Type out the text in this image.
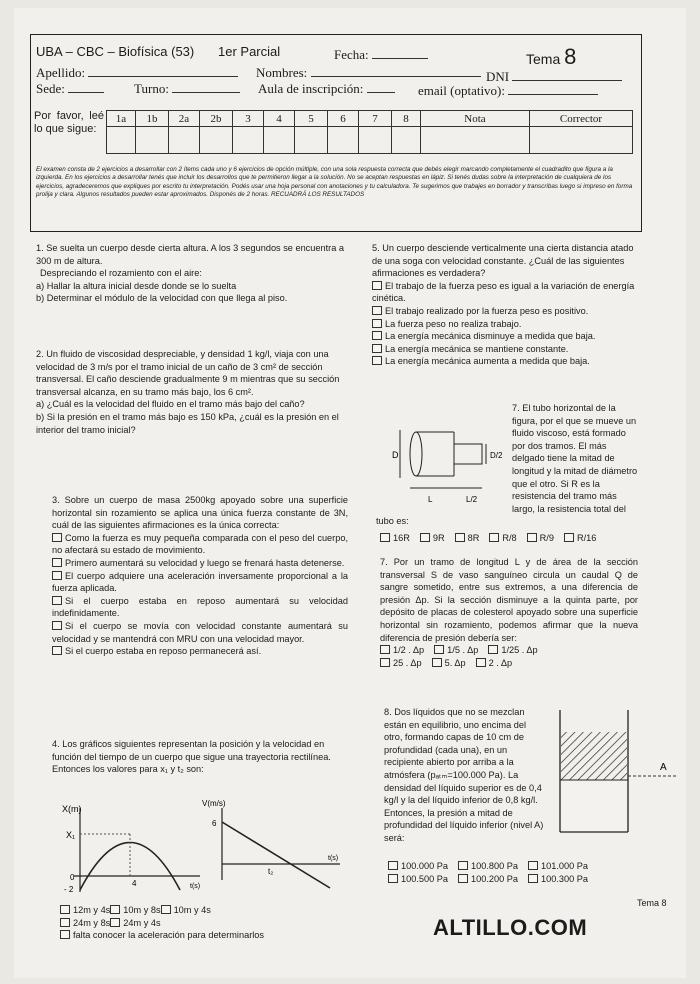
UBA – CBC – Biofísica (53) 1er Parcial	Fecha:	Tema 8
Apellido:	Nombres:	DNI
Sede:	Turno:	Aula de inscripción:	email (optativo):
Por favor, leé lo que sigue:
1a	1b	2a	2b	3	4	5	6	7	8	Nota	Corrector

El examen consta de 2 ejercicios a desarrollar con 2 ítems cada uno y 6 ejercicios de opción múltiple, con una sola respuesta correcta que debés elegir marcando completamente el cuadradito que figura a la izquierda. En los ejercicios a desarrollar tenés que incluir los desarrollos que te permitieron llegar a la solución. No se aceptan respuestas en lápiz. Si tenés dudas sobre la interpretación de cualquiera de los ejercicios, agradeceremos que expliques por escrito tu interpretación. Podés usar una hoja personal con anotaciones y tu calculadora. Te sugerimos que trabajes en borrador y transcribas luego si impreso en forma prolija y clara. Algunos resultados pueden estar aproximados. Disponés de 2 horas. RECUADRÁ LOS RESULTADOS

1. Se suelta un cuerpo desde cierta altura. A los 3 segundos se encuentra a 300 m de altura.

Despreciando el rozamiento con el aire:

a) Hallar la altura inicial desde donde se lo suelta

b) Determinar el módulo de la velocidad con que llega al piso.

2. Un fluido de viscosidad despreciable, y densidad 1 kg/l, viaja con una velocidad de 3 m/s por el tramo inicial de un caño de 3 cm² de sección transversal. El caño desciende gradualmente 9 m mientras que su sección transversal alcanza, en su tramo más bajo, los 6 cm².

a) ¿Cuál es la velocidad del fluido en el tramo más bajo del caño?

b) Si la presión en el tramo más bajo es 150 kPa, ¿cuál es la presión en el interior del tramo inicial?

3. Sobre un cuerpo de masa 2500kg apoyado sobre una superficie horizontal sin rozamiento se aplica una única fuerza constante de 3N, cuál de las siguientes afirmaciones es la única correcta:

Como la fuerza es muy pequeña comparada con el peso del cuerpo, no afectará su estado de movimiento.
Primero aumentará su velocidad y luego se frenará hasta detenerse.
El cuerpo adquiere una aceleración inversamente proporcional a la fuerza aplicada.
Si el cuerpo estaba en reposo aumentará su velocidad indefinidamente.
Si el cuerpo se movía con velocidad constante aumentará su velocidad y se mantendrá con MRU con una velocidad mayor.
Si el cuerpo estaba en reposo permanecerá así.

4. Los gráficos siguientes representan la posición y la velocidad en función del tiempo de un cuerpo que sigue una trayectoria rectilínea. Entonces los valores para x₁ y t₂ son:

X(m)
X₁
0
- 2
4	t(s)
V(m/s)
6
t₂
t(s)
12m y 4s 10m y 8s 10m y 4s
24m y 8s 24m y 4s
falta conocer la aceleración para determinarlos

5. Un cuerpo desciende verticalmente una cierta distancia atado de una soga con velocidad constante. ¿Cuál de las siguientes afirmaciones es verdadera?

El trabajo de la fuerza peso es igual a la variación de energía cinética.
El trabajo realizado por la fuerza peso es positivo.
La fuerza peso no realiza trabajo.
La energía mecánica disminuye a medida que baja.
La energía mecánica se mantiene constante.
La energía mecánica aumenta a medida que baja.

7. El tubo horizontal de la figura, por el que se mueve un fluido viscoso, está formado por dos tramos. El más delgado tiene la mitad de longitud y la mitad de diámetro que el otro. Si R es la resistencia del tramo más largo, la resistencia total del tubo es:

D	D/2
L	L/2
16R	9R	8R	R/8	R/9	R/16

7. Por un tramo de longitud L y de área de la sección transversal S de vaso sanguíneo circula un caudal Q de sangre sometido, entre sus extremos, a una diferencia de presión Δp. Si la sección disminuye a la quinta parte, por depósito de placas de colesterol apoyado sobre una superficie horizontal sin rozamiento, podemos afirmar que la nueva diferencia de presión debería ser:

1/2 . Δp	1/5 . Δp	1/25 . Δp
25 . Δp	5. Δp	2 . Δp

8. Dos líquidos que no se mezclan están en equilibrio, uno encima del otro, formando capas de 10 cm de profundidad (cada una), en un recipiente abierto por arriba a la atmósfera (pₐₜₘ=100.000 Pa). La densidad del líquido superior es de 0,4 kg/l y la del líquido inferior de 0,8 kg/l. Entonces, la presión a mitad de profundidad del líquido inferior (nivel A) será:

A
100.000 Pa	100.800 Pa	101.000 Pa
100.500 Pa	100.200 Pa	100.300 Pa
Tema 8
ALTILLO.COM
